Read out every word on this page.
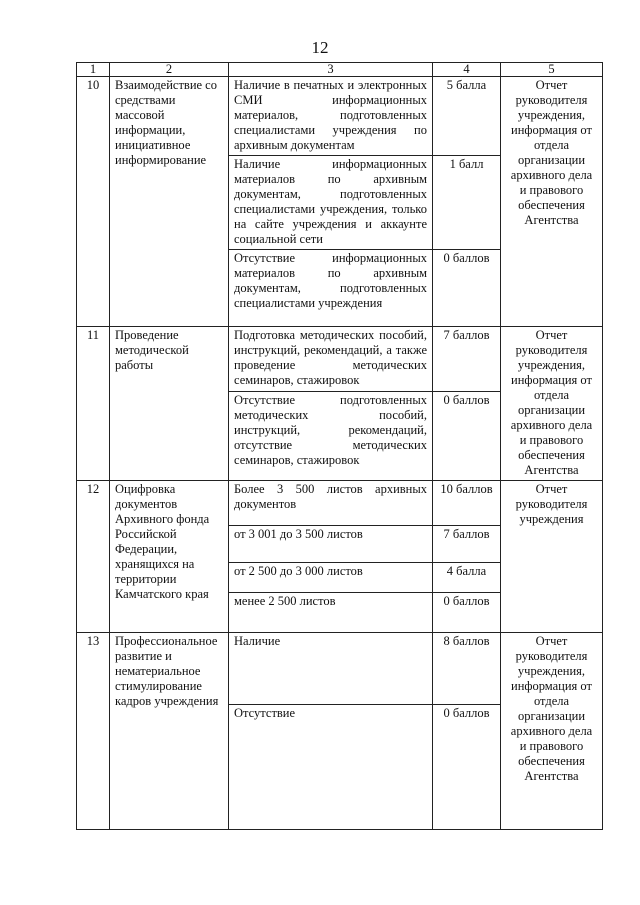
12
1	2	3	4	5
10	Взаимодействие со средствами массовой информации, инициативное информирование	Наличие в печатных и электронных СМИ информационных материалов, подготовленных специалистами учреждения по архивным документам	5 балла	Отчет руководителя учреждения, информация от отдела организации архивного дела и правового обеспечения Агентства
		Наличие информационных материалов по архивным документам, подготовленных специалистами учреждения, только на сайте учреждения и аккаунте социальной сети	1 балл	
		Отсутствие информационных материалов по архивным документам, подготовленных специалистами учреждения	0 баллов	
11	Проведение методической работы	Подготовка методических пособий, инструкций, рекомендаций, а также проведение методических семинаров, стажировок	7 баллов	Отчет руководителя учреждения, информация от отдела организации архивного дела и правового обеспечения Агентства
		Отсутствие подготовленных методических пособий, инструкций, рекомендаций, отсутствие методических семинаров, стажировок	0 баллов	
12	Оцифровка документов Архивного фонда Российской Федерации, хранящихся на территории Камчатского края	Более 3 500 листов архивных документов	10 баллов	Отчет руководителя учреждения
		от 3 001 до 3 500 листов	7 баллов	
		от 2 500 до 3 000 листов	4 балла	
		менее 2 500 листов	0 баллов	
13	Профессиональное развитие и нематериальное стимулирование кадров учреждения	Наличие	8 баллов	Отчет руководителя учреждения, информация от отдела организации архивного дела и правового обеспечения Агентства
		Отсутствие	0 баллов	
